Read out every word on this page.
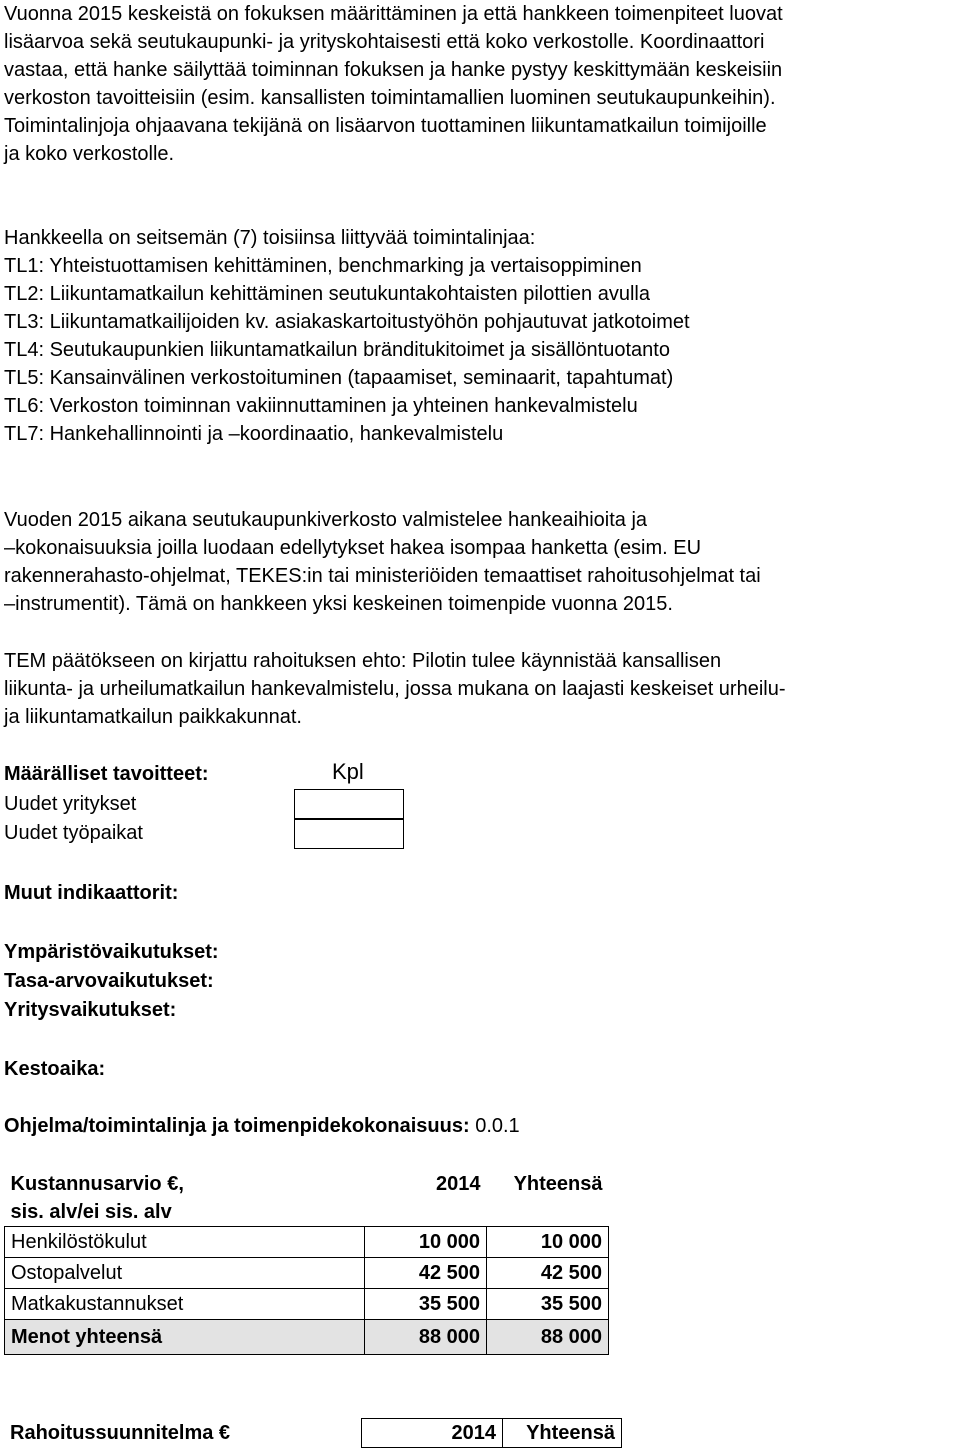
Vuonna 2015 keskeistä on fokuksen määrittäminen ja että hankkeen toimenpiteet luovat
lisäarvoa sekä seutukaupunki- ja yrityskohtaisesti että koko verkostolle. Koordinaattori
vastaa, että hanke säilyttää toiminnan fokuksen ja hanke pystyy keskittymään keskeisiin
verkoston tavoitteisiin (esim. kansallisten toimintamallien luominen seutukaupunkeihin).
Toimintalinjoja ohjaavana tekijänä on lisäarvon tuottaminen liikuntamatkailun toimijoille
ja koko verkostolle.
Hankkeella on seitsemän (7) toisiinsa liittyvää toimintalinjaa:
TL1: Yhteistuottamisen kehittäminen, benchmarking ja vertaisoppiminen
TL2: Liikuntamatkailun kehittäminen seutukuntakohtaisten pilottien avulla
TL3: Liikuntamatkailijoiden kv. asiakaskartoitustyöhön pohjautuvat jatkotoimet
TL4: Seutukaupunkien liikuntamatkailun bränditukitoimet ja sisällöntuotanto
TL5: Kansainvälinen verkostoituminen (tapaamiset, seminaarit, tapahtumat)
TL6: Verkoston toiminnan vakiinnuttaminen ja yhteinen hankevalmistelu
TL7: Hankehallinnointi ja –koordinaatio, hankevalmistelu
Vuoden 2015 aikana seutukaupunkiverkosto valmistelee hankeaihioita ja
–kokonaisuuksia joilla luodaan edellytykset hakea isompaa hanketta (esim. EU
rakennerahasto-ohjelmat, TEKES:in tai ministeriöiden temaattiset rahoitusohjelmat tai
–instrumentit). Tämä on hankkeen yksi keskeinen toimenpide vuonna 2015.
TEM päätökseen on kirjattu rahoituksen ehto: Pilotin tulee käynnistää kansallisen
liikunta- ja urheilumatkailun hankevalmistelu, jossa mukana on laajasti keskeiset urheilu-
ja liikuntamatkailun paikkakunnat.
Määrälliset tavoitteet:	Kpl
Uudet yritykset
Uudet työpaikat
Muut indikaattorit:
Ympäristövaikutukset:
Tasa-arvovaikutukset:
Yritysvaikutukset:
Kestoaika:
Ohjelma/toimintalinja ja toimenpidekokonaisuus: 0.0.1
Kustannusarvio €,
sis. alv/ei sis. alv	2014	Yhteensä
Henkilöstökulut	10 000	10 000
Ostopalvelut	42 500	42 500
Matkakustannukset	35 500	35 500
Menot yhteensä	88 000	88 000
Rahoitussuunnitelma €	2014	Yhteensä
